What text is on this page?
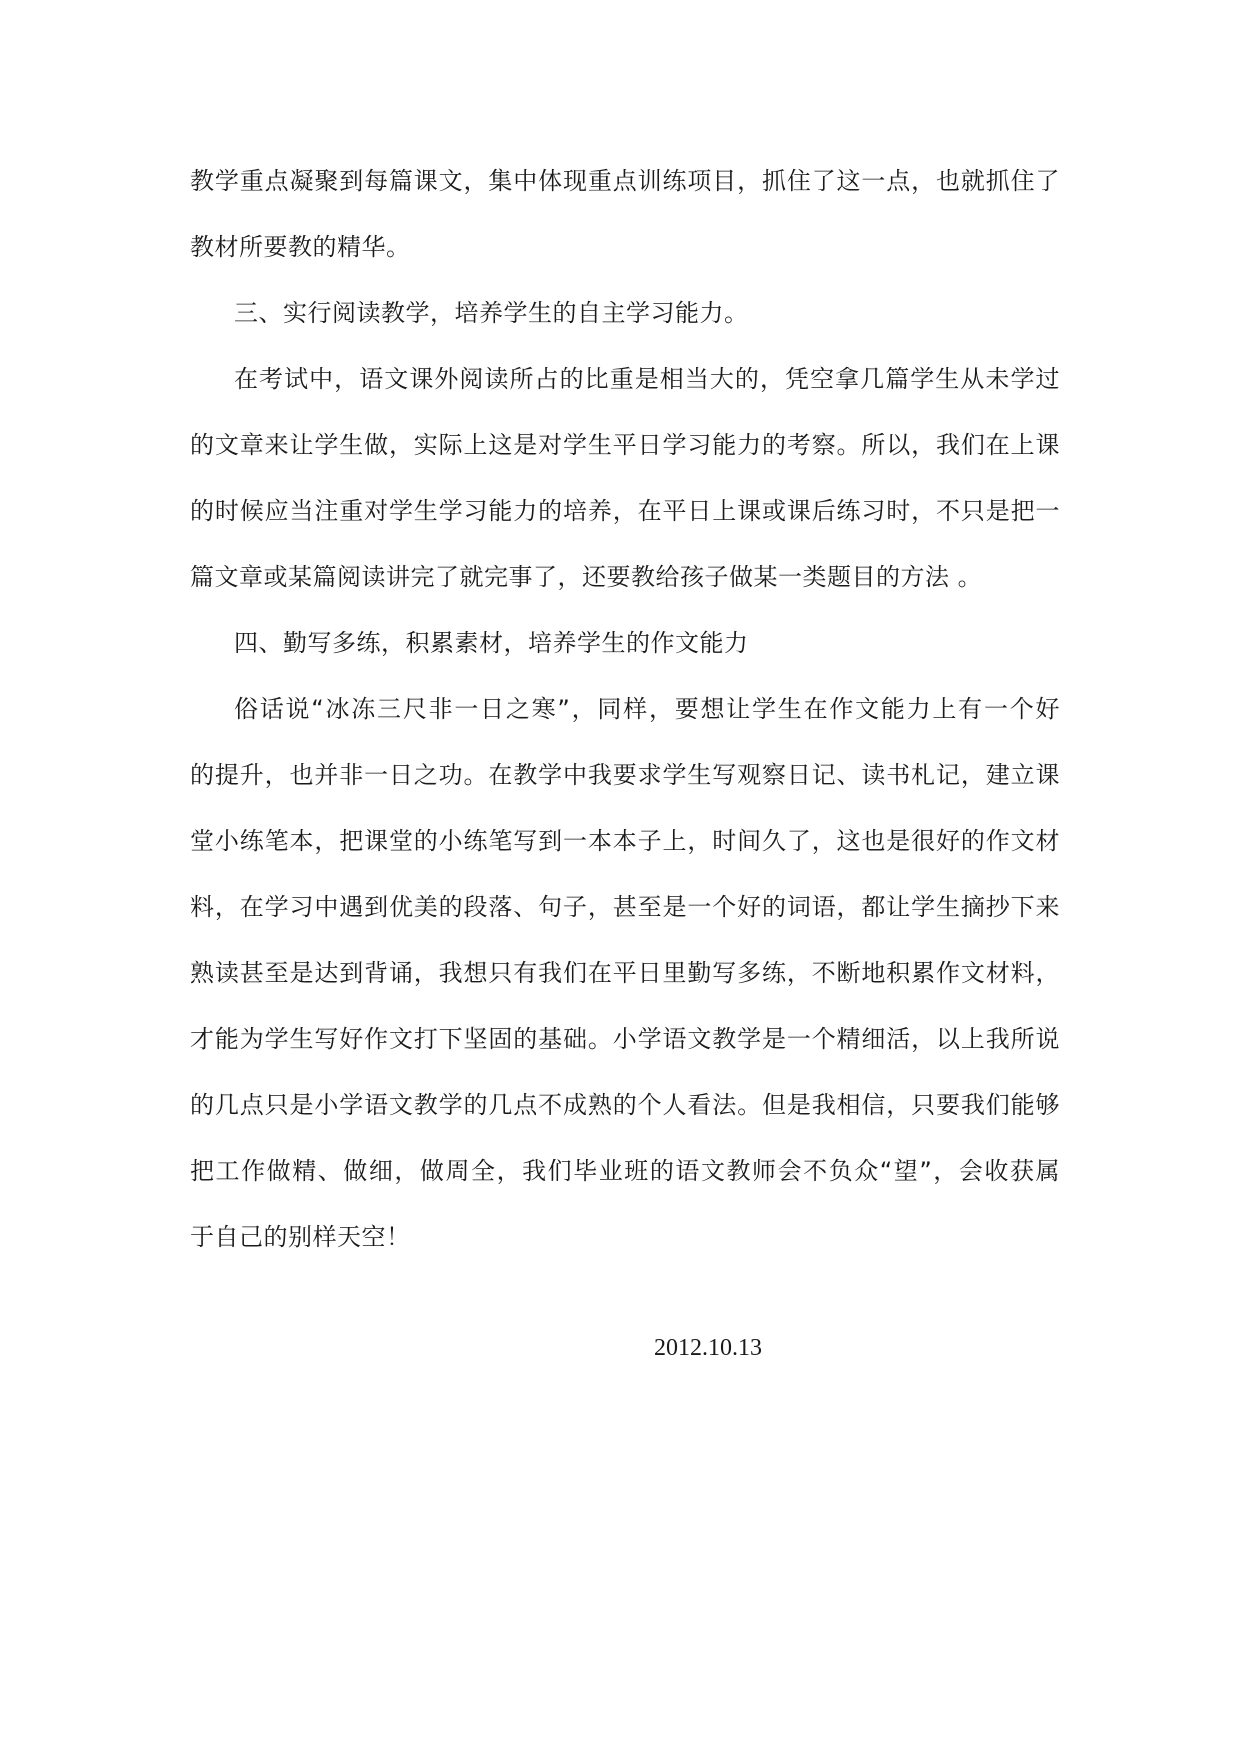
教学重点凝聚到每篇课文，集中体现重点训练项目，抓住了这一点，也就抓住了
教材所要教的精华。
三、实行阅读教学，培养学生的自主学习能力。
在考试中，语文课外阅读所占的比重是相当大的，凭空拿几篇学生从未学过
的文章来让学生做，实际上这是对学生平日学习能力的考察。所以，我们在上课
的时候应当注重对学生学习能力的培养，在平日上课或课后练习时，不只是把一
篇文章或某篇阅读讲完了就完事了，还要教给孩子做某一类题目的方法 。
四、勤写多练，积累素材，培养学生的作文能力
俗话说“冰冻三尺非一日之寒”，同样，要想让学生在作文能力上有一个好
的提升，也并非一日之功。在教学中我要求学生写观察日记、读书札记，建立课
堂小练笔本，把课堂的小练笔写到一本本子上，时间久了，这也是很好的作文材
料，在学习中遇到优美的段落、句子，甚至是一个好的词语，都让学生摘抄下来
熟读甚至是达到背诵，我想只有我们在平日里勤写多练，不断地积累作文材料，
才能为学生写好作文打下坚固的基础。小学语文教学是一个精细活，以上我所说
的几点只是小学语文教学的几点不成熟的个人看法。但是我相信，只要我们能够
把工作做精、做细，做周全，我们毕业班的语文教师会不负众“望”，会收获属
于自己的别样天空！
2012.10.13
